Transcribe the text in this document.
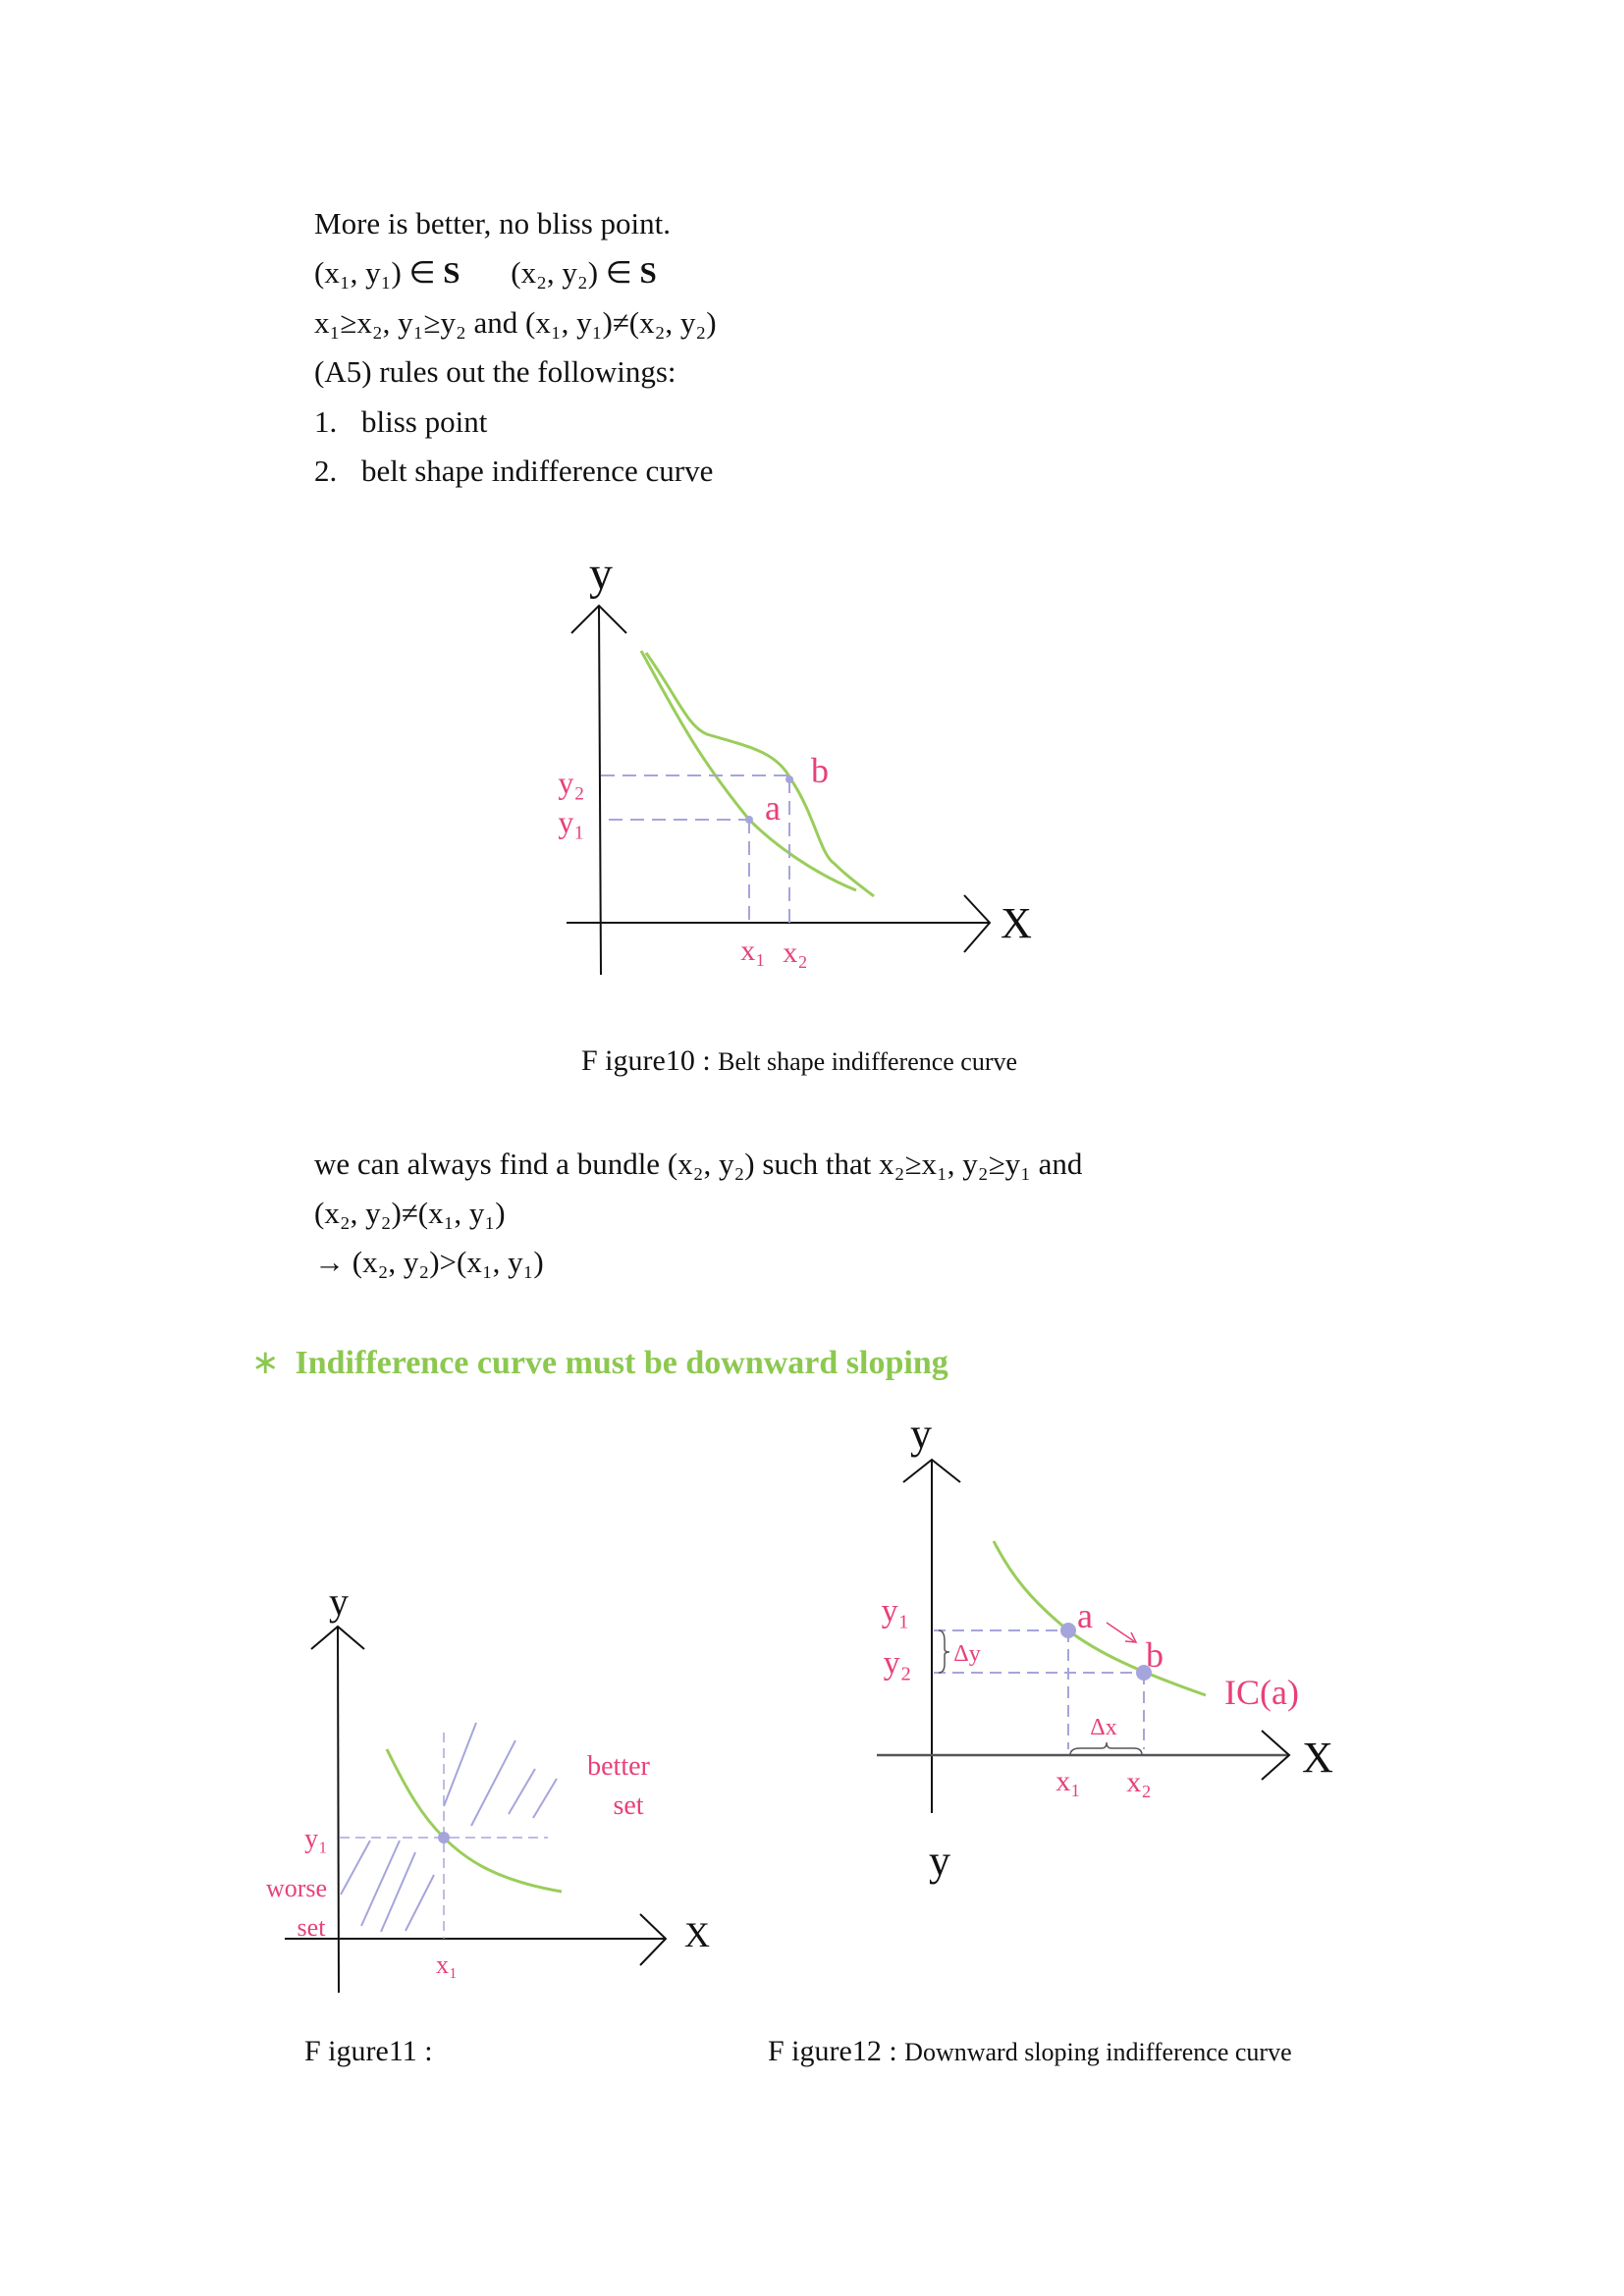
More is better, no bliss point.
(x₁, y₁) ∈ S (x₂, y₂) ∈ S
x₁≥x₂, y₁≥y₂ and (x₁, y₁)≠(x₂, y₂)
(A5) rules out the followings:
1. bliss point
2. belt shape indifference curve
we can always find a bundle (x₂, y₂) such that x₂≥x₁, y₂≥y₁ and
(x₂, y₂)≠(x₁, y₁)
→ (x₂, y₂)>(x₁, y₁)
∗ Indifference curve must be downward sloping
y
X
y₂
y₁	a
b
x₁ x₂
y
X
better
set
y₁
worse
set
x₁
y
X
y
y₁
y₂
a
b
IC(a)
Δy
Δx
x₁ x₂
F igure10 : Belt shape indifference curve
F igure11 :	F igure12 : Downward sloping indifference curve
